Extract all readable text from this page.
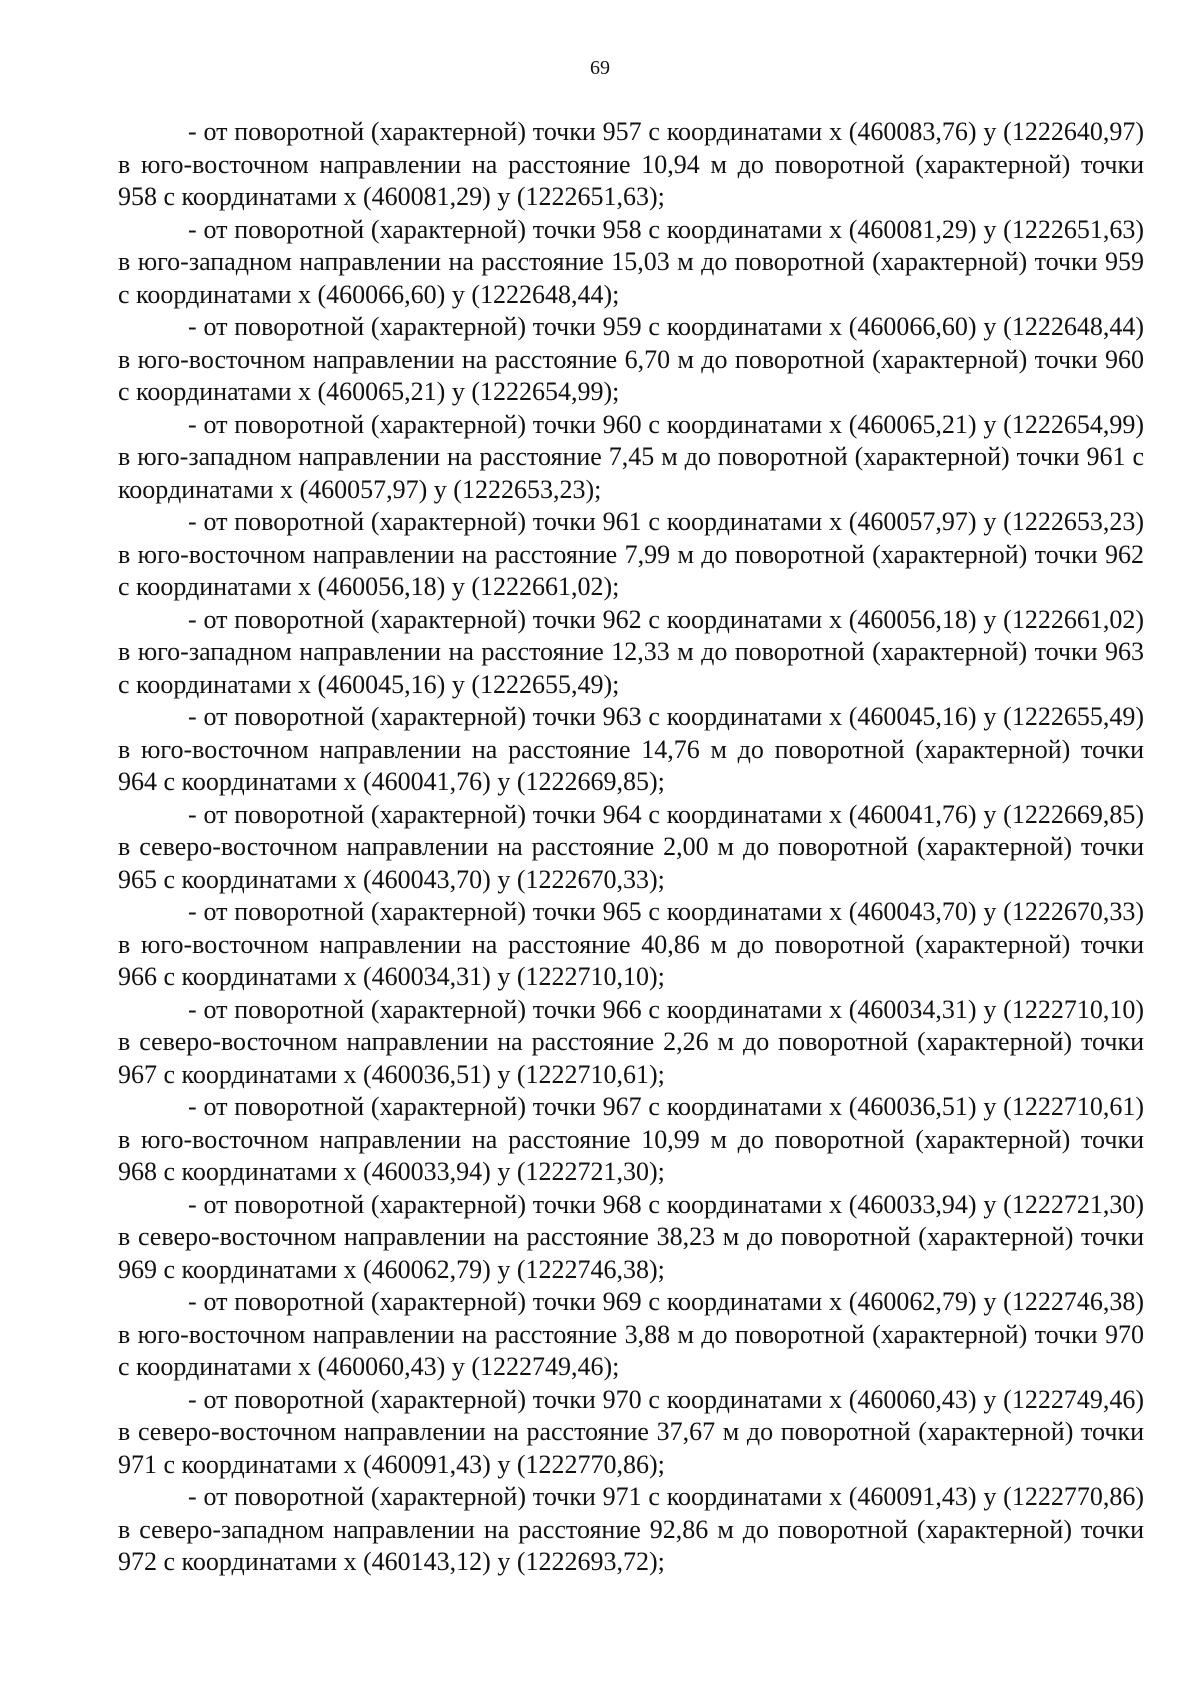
69

- от поворотной (характерной) точки 957 с координатами x (460083,76) y (1222640,97) в юго-восточном направлении на расстояние 10,94 м до поворотной (характерной) точки 958 с координатами x (460081,29) y (1222651,63);

- от поворотной (характерной) точки 958 с координатами x (460081,29) y (1222651,63) в юго-западном направлении на расстояние 15,03 м до поворотной (характерной) точки 959 с координатами x (460066,60) y (1222648,44);

- от поворотной (характерной) точки 959 с координатами x (460066,60) y (1222648,44) в юго-восточном направлении на расстояние 6,70 м до поворотной (характерной) точки 960 с координатами x (460065,21) y (1222654,99);

- от поворотной (характерной) точки 960 с координатами x (460065,21) y (1222654,99) в юго-западном направлении на расстояние 7,45 м до поворотной (характерной) точки 961 с координатами x (460057,97) y (1222653,23);

- от поворотной (характерной) точки 961 с координатами x (460057,97) y (1222653,23) в юго-восточном направлении на расстояние 7,99 м до поворотной (характерной) точки 962 с координатами x (460056,18) y (1222661,02);

- от поворотной (характерной) точки 962 с координатами x (460056,18) y (1222661,02) в юго-западном направлении на расстояние 12,33 м до поворотной (характерной) точки 963 с координатами x (460045,16) y (1222655,49);

- от поворотной (характерной) точки 963 с координатами x (460045,16) y (1222655,49) в юго-восточном направлении на расстояние 14,76 м до поворотной (характерной) точки 964 с координатами x (460041,76) y (1222669,85);

- от поворотной (характерной) точки 964 с координатами x (460041,76) y (1222669,85) в северо-восточном направлении на расстояние 2,00 м до поворотной (характерной) точки 965 с координатами x (460043,70) y (1222670,33);

- от поворотной (характерной) точки 965 с координатами x (460043,70) y (1222670,33) в юго-восточном направлении на расстояние 40,86 м до поворотной (характерной) точки 966 с координатами x (460034,31) y (1222710,10);

- от поворотной (характерной) точки 966 с координатами x (460034,31) y (1222710,10) в северо-восточном направлении на расстояние 2,26 м до поворотной (характерной) точки 967 с координатами x (460036,51) y (1222710,61);

- от поворотной (характерной) точки 967 с координатами x (460036,51) y (1222710,61) в юго-восточном направлении на расстояние 10,99 м до поворотной (характерной) точки 968 с координатами x (460033,94) y (1222721,30);

- от поворотной (характерной) точки 968 с координатами x (460033,94) y (1222721,30) в северо-восточном направлении на расстояние 38,23 м до поворотной (характерной) точки 969 с координатами x (460062,79) y (1222746,38);

- от поворотной (характерной) точки 969 с координатами x (460062,79) y (1222746,38) в юго-восточном направлении на расстояние 3,88 м до поворотной (характерной) точки 970 с координатами x (460060,43) y (1222749,46);

- от поворотной (характерной) точки 970 с координатами x (460060,43) y (1222749,46) в северо-восточном направлении на расстояние 37,67 м до поворотной (характерной) точки 971 с координатами x (460091,43) y (1222770,86);

- от поворотной (характерной) точки 971 с координатами x (460091,43) y (1222770,86) в северо-западном направлении на расстояние 92,86 м до поворотной (характерной) точки 972 с координатами x (460143,12) y (1222693,72);
